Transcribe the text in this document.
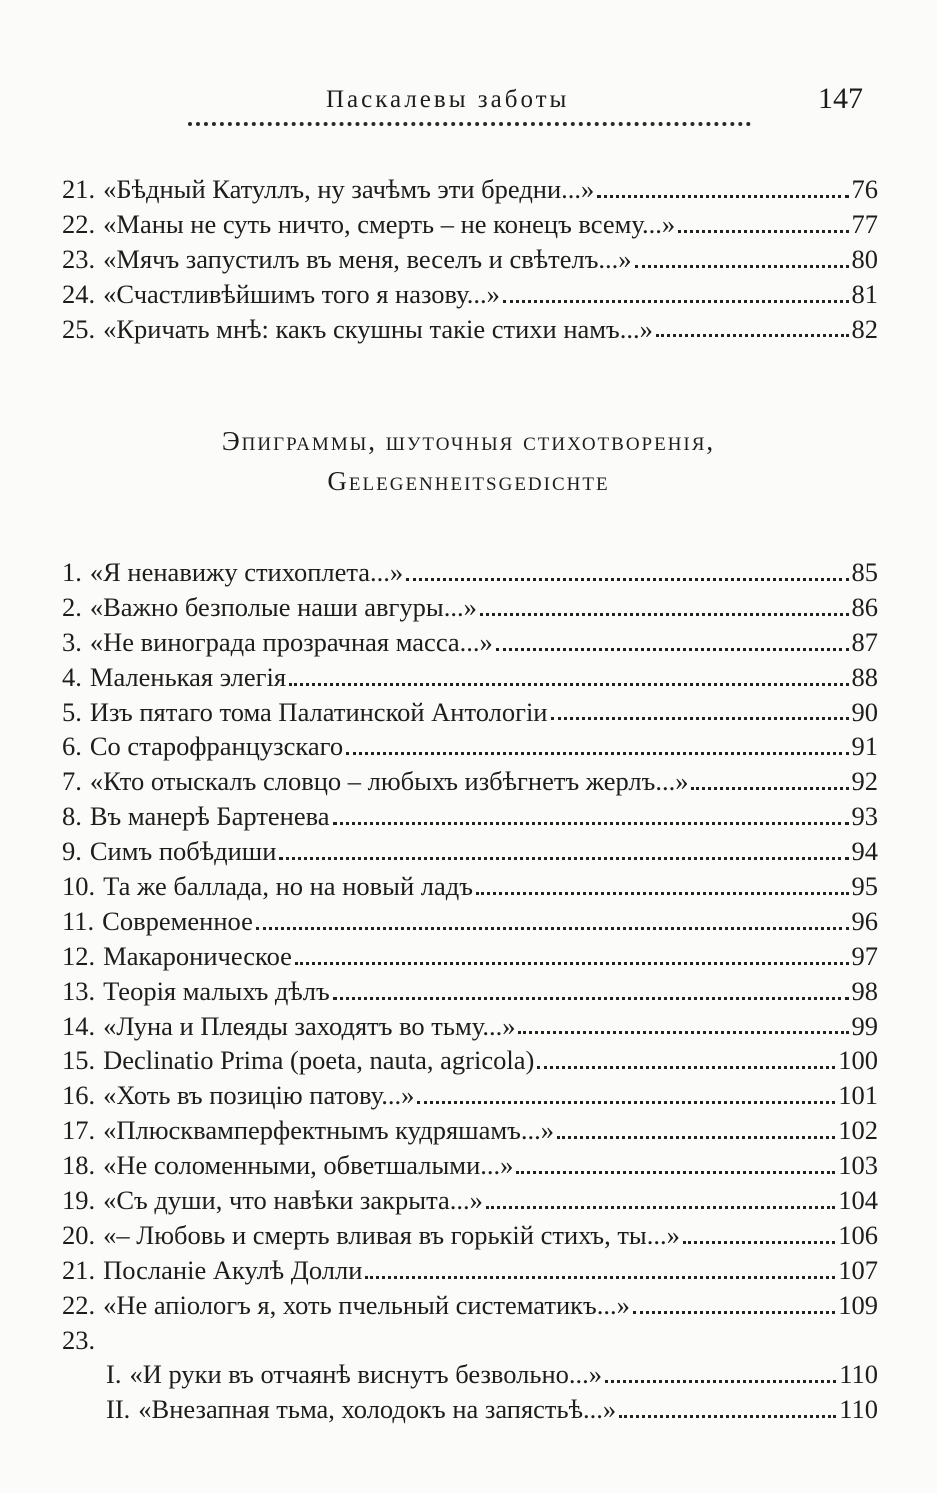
Паскалевы заботы	147
21. «Бѣдный Катуллъ, ну зачѣмъ эти бредни...»	76
22. «Маны не суть ничто, смерть – не конецъ всему...»	77
23. «Мячъ запустилъ въ меня, веселъ и свѣтелъ...»	80
24. «Счастливѣйшимъ того я назову...»	81
25. «Кричать мнѣ: какъ скушны такіе стихи намъ...»	82
Эпиграммы, шуточныя стихотворенія,
Gelegenheitsgedichte
1. «Я ненавижу стихоплета...»	85
2. «Важно безполые наши авгуры...»	86
3. «Не винограда прозрачная масса...»	87
4. Маленькая элегія	88
5. Изъ пятаго тома Палатинской Антологіи	90
6. Со старофранцузскаго	91
7. «Кто отыскалъ словцо – любыхъ избѣгнетъ жерлъ...»	92
8. Въ манерѣ Бартенева	93
9. Симъ побѣдиши	94
10. Та же баллада, но на новый ладъ	95
11. Современное	96
12. Макароническое	97
13. Теорія малыхъ дѣлъ	98
14. «Луна и Плеяды заходятъ во тьму...»	99
15. Declinatio Prima (poeta, nauta, agricola)	100
16. «Хоть въ позицію патову...»	101
17. «Плюсквамперфектнымъ кудряшамъ...»	102
18. «Не соломенными, обветшалыми...»	103
19. «Съ души, что навѣки закрыта...»	104
20. «– Любовь и смерть вливая въ горькій стихъ, ты...»	106
21. Посланіе Акулѣ Долли	107
22. «Не апіологъ я, хоть пчельный систематикъ...»	109
23.
I. «И руки въ отчаянѣ виснутъ безвольно...»	110
II. «Внезапная тьма, холодокъ на запястьѣ...»	110
